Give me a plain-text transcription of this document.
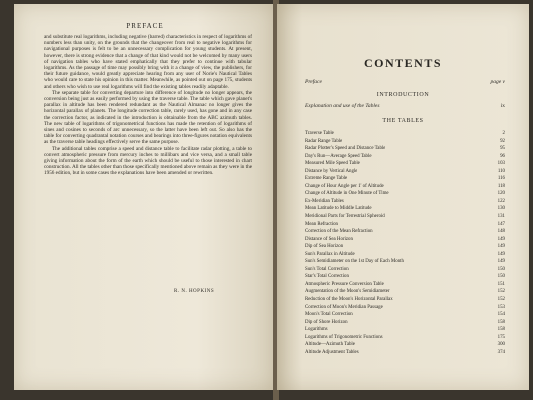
PREFACE

and substitute real logarithms, including negative (barred) characteristics in respect of logarithms of numbers less than unity, on the grounds that the changeover from real to negative logarithms for navigational purposes is felt to be an unnecessary complication for young students. At present, however, there is strong evidence that a change of that kind would not be welcomed by many users of navigation tables who have stated emphatically that they prefer to continue with tabular logarithms. As the passage of time may possibly bring with it a change of view, the publishers, for their future guidance, would greatly appreciate hearing from any user of Norie's Nautical Tables who would care to state his opinion in this matter. Meanwhile, as pointed out on page 175, students and others who wish to use real logarithms will find the existing tables readily adaptable.

The separate table for converting departure into difference of longitude no longer appears, the conversion being just as easily performed by using the traverse table. The table which gave planet's parallax in altitude has been rendered redundant as the Nautical Almanac no longer gives the horizontal parallax of planets. The longitude correction table, rarely used, has gone and in any case the correction factor, as indicated in the introduction is obtainable from the ABC azimuth tables. The new table of logarithms of trigonometrical functions has made the retention of logarithms of sines and cosines to seconds of arc unnecessary, so the latter have been left out. So also has the table for converting quadrantal notation courses and bearings into three-figures notation equivalents as the traverse table headings effectively serve the same purpose.

The additional tables comprise a speed and distance table to facilitate radar plotting, a table to convert atmospheric pressure from mercury inches to millibars and vice versa, and a small table giving information about the form of the earth which should be useful to those interested in chart construction. All the tables other than those specifically mentioned above remain as they were in the 1956 edition, but in some cases the explanations have been amended or rewritten.

R. N. HOPKINS
CONTENTS
Preface	page v
INTRODUCTION
Explanation and use of the Tables	ix
THE TABLES
Traverse Table	2
Radar Range Table	92
Radar Plotter's Speed and Distance Table	95
Day's Run—Average Speed Table	96
Measured Mile Speed Table	103
Distance by Vertical Angle	110
Extreme Range Table	116
Change of Hour Angle per 1' of Altitude	118
Change of Altitude in One Minute of Time	120
Ex-Meridian Tables	122
Mean Latitude to Middle Latitude	130
Meridional Parts for Terrestrial Spheroid	131
Mean Refraction	147
Correction of the Mean Refraction	148
Distance of Sea Horizon	149
Dip of Sea Horizon	149
Sun's Parallax in Altitude	149
Sun's Semidiameter on the 1st Day of Each Month	149
Sun's Total Correction	150
Star's Total Correction	150
Atmospheric Pressure Conversion Table	151
Augmentation of the Moon's Semidiameter	152
Reduction of the Moon's Horizontal Parallax	152
Correction of Moon's Meridian Passage	153
Moon's Total Correction	154
Dip of Shore Horizon	158
Logarithms	158
Logarithms of Trigonometric Functions	175
Altitude—Azimuth Table	300
Altitude Adjustment Tables	374
